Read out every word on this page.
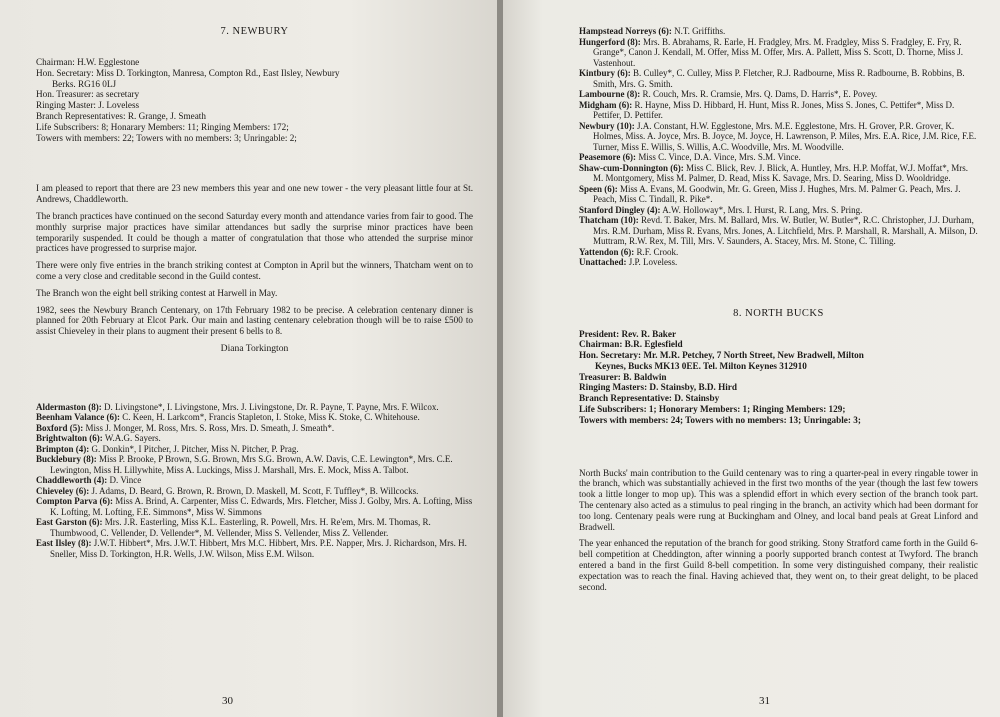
7. NEWBURY
Chairman: H.W. Egglestone
Hon. Secretary: Miss D. Torkington, Manresa, Compton Rd., East Ilsley, Newbury
Berks. RG16 0LJ
Hon. Treasurer: as secretary
Ringing Master: J. Loveless
Branch Representatives: R. Grange, J. Smeath
Life Subscribers: 8; Honarary Members: 11; Ringing Members: 172;
Towers with members: 22; Towers with no members: 3; Unringable: 2;

I am pleased to report that there are 23 new members this year and one new tower - the very pleasant little four at St. Andrews, Chaddleworth.

The branch practices have continued on the second Saturday every month and attendance varies from fair to good. The monthly surprise major practices have similar attendances but sadly the surprise minor practices have been temporarily suspended. It could be though a matter of congratulation that those who attended the surprise minor practices have progressed to surprise major.

There were only five entries in the branch striking contest at Compton in April but the winners, Thatcham went on to come a very close and creditable second in the Guild contest.

The Branch won the eight bell striking contest at Harwell in May.

1982, sees the Newbury Branch Centenary, on 17th February 1982 to be precise. A celebration centenary dinner is planned for 20th February at Elcot Park. Our main and lasting centenary celebration though will be to raise £500 to assist Chieveley in their plans to augment their present 6 bells to 8.

Diana Torkington

Aldermaston (8): D. Livingstone*, I. Livingstone, Mrs. J. Livingstone, Dr. R. Payne, T. Payne, Mrs. F. Wilcox.

Beenham Valance (6): C. Keen, H. Larkcom*, Francis Stapleton, I. Stoke, Miss K. Stoke, C. Whitehouse.

Boxford (5): Miss J. Monger, M. Ross, Mrs. S. Ross, Mrs. D. Smeath, J. Smeath*.

Brightwalton (6): W.A.G. Sayers.

Brimpton (4): G. Donkin*, I Pitcher, J. Pitcher, Miss N. Pitcher, P. Prag.

Bucklebury (8): Miss P. Brooke, P Brown, S.G. Brown, Mrs S.G. Brown, A.W. Davis, C.E. Lewington*, Mrs. C.E. Lewington, Miss H. Lillywhite, Miss A. Luckings, Miss J. Marshall, Mrs. E. Mock, Miss A. Talbot.

Chaddleworth (4): D. Vince

Chieveley (6): J. Adams, D. Beard, G. Brown, R. Brown, D. Maskell, M. Scott, F. Tuffley*, B. Willcocks.

Compton Parva (6): Miss A. Brind, A. Carpenter, Miss C. Edwards, Mrs. Fletcher, Miss J. Golby, Mrs. A. Lofting, Miss K. Lofting, M. Lofting, F.E. Simmons*, Miss W. Simmons

East Garston (6): Mrs. J.R. Easterling, Miss K.L. Easterling, R. Powell, Mrs. H. Re'em, Mrs. M. Thomas, R. Thumbwood, C. Vellender, D. Vellender*, M. Vellender, Miss S. Vellender, Miss Z. Vellender.

East Ilsley (8): J.W.T. Hibbert*, Mrs. J.W.T. Hibbert, Mrs M.C. Hibbert, Mrs. P.E. Napper, Mrs. J. Richardson, Mrs. H. Sneller, Miss D. Torkington, H.R. Wells, J.W. Wilson, Miss E.M. Wilson.

30

Hampstead Norreys (6): N.T. Griffiths.

Hungerford (8): Mrs. B. Abrahams, R. Earle, H. Fradgley, Mrs. M. Fradgley, Miss S. Fradgley, E. Fry, R. Grange*, Canon J. Kendall, M. Offer, Miss M. Offer, Mrs. A. Pallett, Miss S. Scott, D. Thorne, Miss J. Vastenhout.

Kintbury (6): B. Culley*, C. Culley, Miss P. Fletcher, R.J. Radbourne, Miss R. Radbourne, B. Robbins, B. Smith, Mrs. G. Smith.

Lambourne (8): R. Couch, Mrs. R. Cramsie, Mrs. Q. Dams, D. Harris*, E. Povey.

Midgham (6): R. Hayne, Miss D. Hibbard, H. Hunt, Miss R. Jones, Miss S. Jones, C. Pettifer*, Miss D. Pettifer, D. Pettifer.

Newbury (10): J.A. Constant, H.W. Egglestone, Mrs. M.E. Egglestone, Mrs. H. Grover, P.R. Grover, K. Holmes, Miss. A. Joyce, Mrs. B. Joyce, M. Joyce, H. Lawrenson, P. Miles, Mrs. E.A. Rice, J.M. Rice, F.E. Turner, Miss E. Willis, S. Willis, A.C. Woodville, Mrs. M. Woodville.

Peasemore (6): Miss C. Vince, D.A. Vince, Mrs. S.M. Vince.

Shaw-cum-Donnington (6): Miss C. Blick, Rev. J. Blick, A. Huntley, Mrs. H.P. Moffat, W.J. Moffat*, Mrs. M. Montgomery, Miss M. Palmer, D. Read, Miss K. Savage, Mrs. D. Searing, Miss D. Wooldridge.

Speen (6): Miss A. Evans, M. Goodwin, Mr. G. Green, Miss J. Hughes, Mrs. M. Palmer G. Peach, Mrs. J. Peach, Miss C. Tindall, R. Pike*.

Stanford Dingley (4): A.W. Holloway*, Mrs. I. Hurst, R. Lang, Mrs. S. Pring.

Thatcham (10): Revd. T. Baker, Mrs. M. Ballard, Mrs. W. Butler, W. Butler*, R.C. Christopher, J.J. Durham, Mrs. R.M. Durham, Miss R. Evans, Mrs. Jones, A. Litchfield, Mrs. P. Marshall, R. Marshall, A. Milson, D. Muttram, R.W. Rex, M. Till, Mrs. V. Saunders, A. Stacey, Mrs. M. Stone, C. Tilling.

Yattendon (6): R.F. Crook.

Unattached: J.P. Loveless.

8. NORTH BUCKS
President: Rev. R. Baker
Chairman: B.R. Eglesfield
Hon. Secretary: Mr. M.R. Petchey, 7 North Street, New Bradwell, Milton
Keynes, Bucks MK13 0EE. Tel. Milton Keynes 312910
Treasurer: B. Baldwin
Ringing Masters: D. Stainsby, B.D. Hird
Branch Representative: D. Stainsby
Life Subscribers: 1; Honorary Members: 1; Ringing Members: 129;
Towers with members: 24; Towers with no members: 13; Unringable: 3;

North Bucks' main contribution to the Guild centenary was to ring a quarter-peal in every ringable tower in the branch, which was substantially achieved in the first two months of the year (though the last few towers took a little longer to mop up). This was a splendid effort in which every section of the branch took part. The centenary also acted as a stimulus to peal ringing in the branch, an activity which had been dormant for too long. Centenary peals were rung at Buckingham and Olney, and local band peals at Great Linford and Bradwell.

The year enhanced the reputation of the branch for good striking. Stony Stratford came forth in the Guild 6-bell competition at Cheddington, after winning a poorly supported branch contest at Twyford. The branch entered a band in the first Guild 8-bell competition. In some very distinguished company, their realistic expectation was to reach the final. Having achieved that, they went on, to their great delight, to be placed second.

31
